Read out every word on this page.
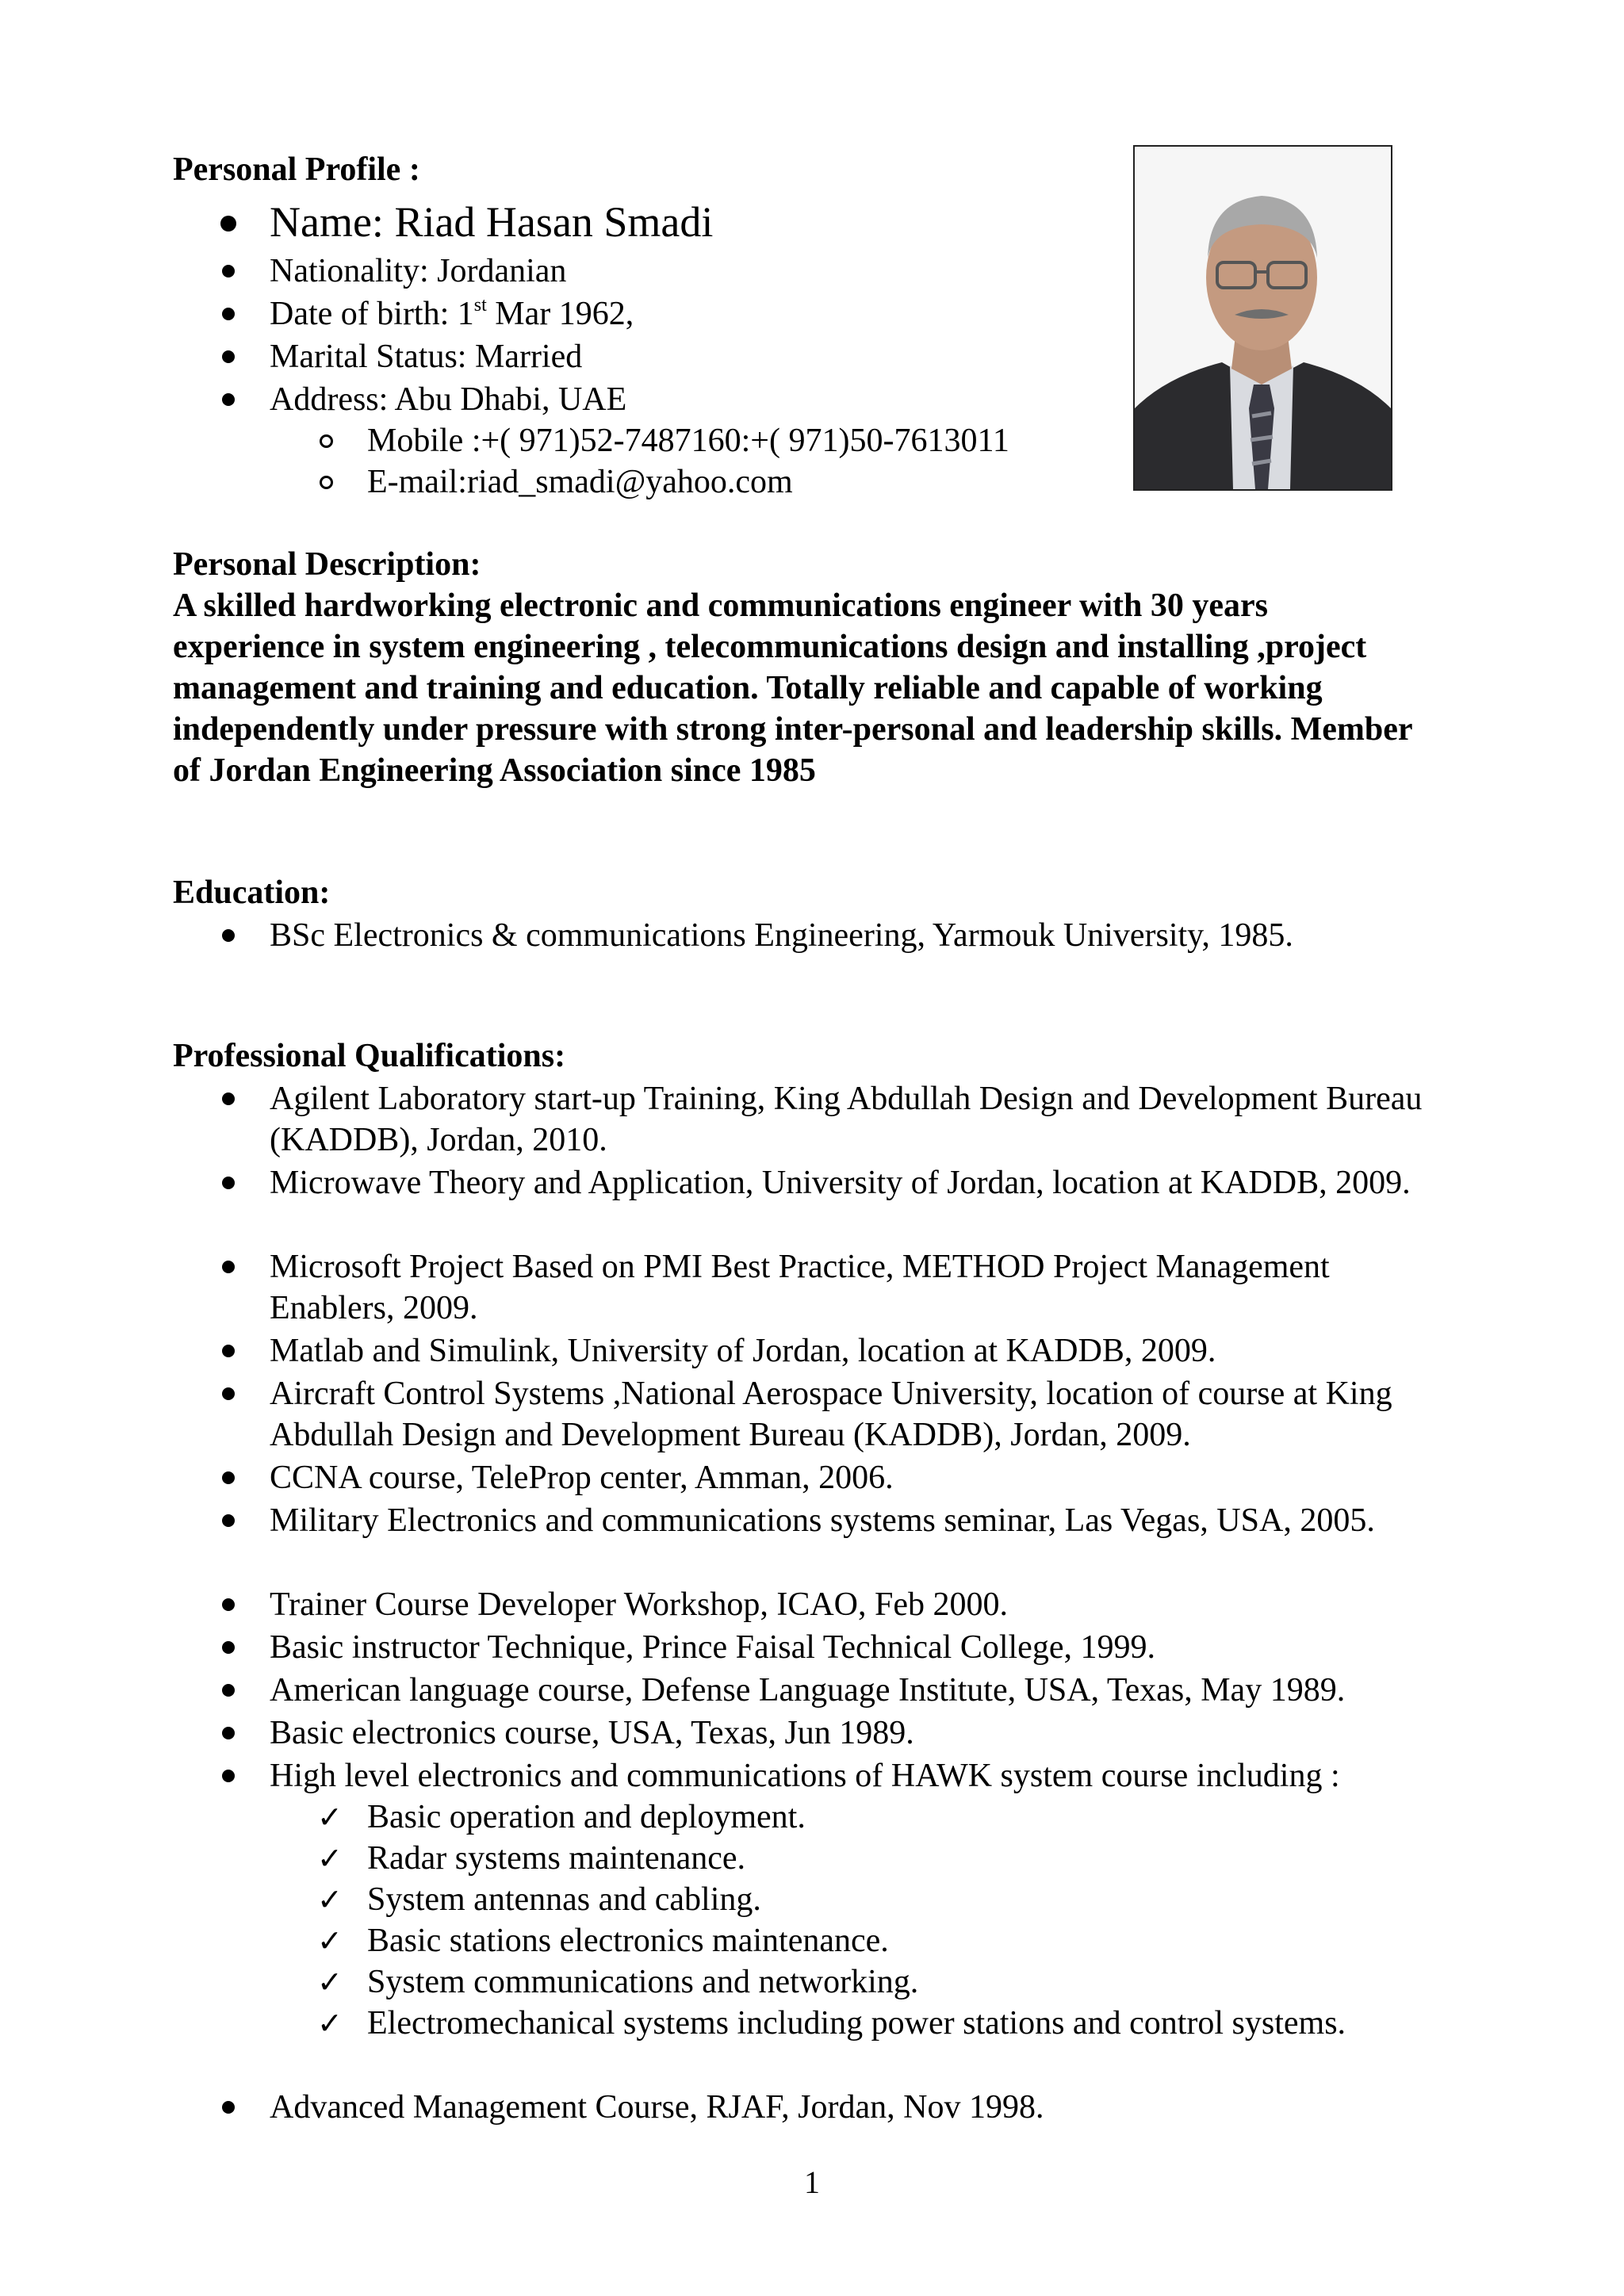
Personal Profile :
Name: Riad Hasan Smadi
Nationality: Jordanian
Date of birth: 1st Mar 1962,
Marital Status: Married
Address: Abu Dhabi, UAE
Mobile :+( 971)52-7487160:+( 971)50-7613011
E-mail:riad_smadi@yahoo.com
Personal Description:
A skilled hardworking electronic and communications engineer with 30 years experience in system engineering , telecommunications design and installing ,project management and training and education. Totally reliable and capable of working independently under pressure with strong inter-personal and leadership skills. Member of Jordan Engineering Association since 1985
Education:
BSc Electronics & communications Engineering, Yarmouk University, 1985.
Professional Qualifications:
Agilent Laboratory start-up Training, King Abdullah Design and Development Bureau (KADDB), Jordan, 2010.
Microwave Theory and Application, University of Jordan, location at KADDB, 2009.
Microsoft Project Based on PMI Best Practice, METHOD Project Management Enablers, 2009.
Matlab and Simulink, University of Jordan, location at KADDB, 2009.
Aircraft Control Systems ,National Aerospace University, location of course at King Abdullah Design and Development Bureau (KADDB), Jordan, 2009.
CCNA course, TeleProp center, Amman, 2006.
Military Electronics and communications systems seminar, Las Vegas, USA, 2005.
Trainer Course Developer Workshop, ICAO, Feb 2000.
Basic instructor Technique, Prince Faisal Technical College, 1999.
American language course, Defense Language Institute, USA, Texas, May 1989.
Basic electronics course, USA, Texas, Jun 1989.
High level electronics and communications of HAWK system course including :
✓ Basic operation and deployment.
✓ Radar systems maintenance.
✓ System antennas and cabling.
✓ Basic stations electronics maintenance.
✓ System communications and networking.
✓ Electromechanical systems including power stations and control systems.
Advanced Management Course, RJAF, Jordan, Nov 1998.
1
